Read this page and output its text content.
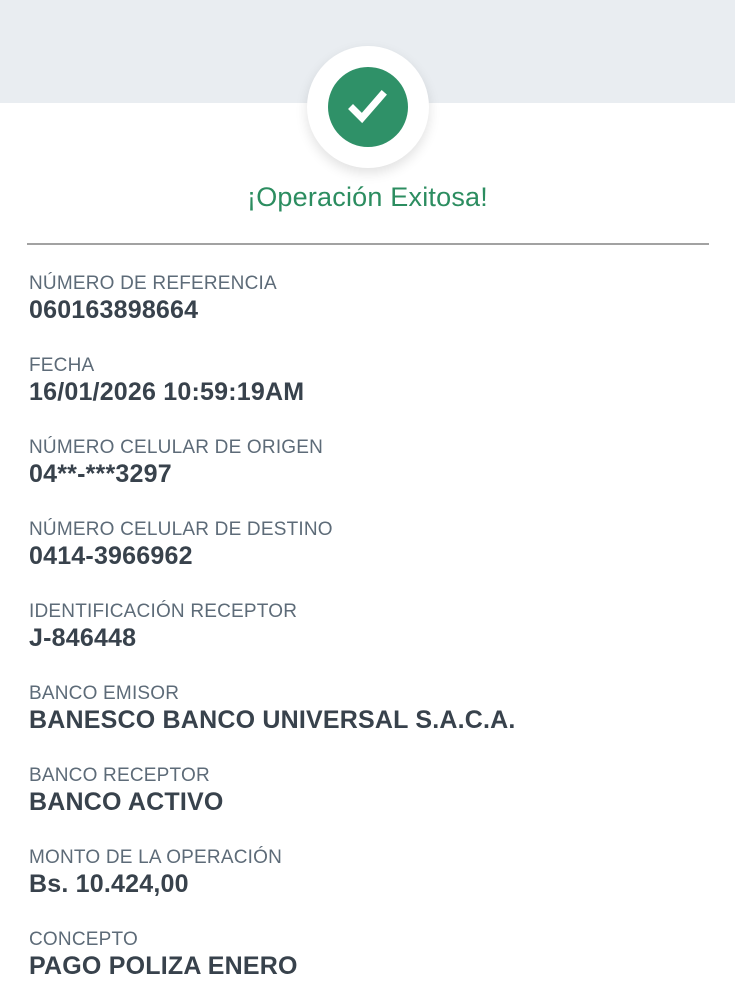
¡Operación Exitosa!
NÚMERO DE REFERENCIA
060163898664
FECHA
16/01/2026 10:59:19AM
NÚMERO CELULAR DE ORIGEN
04**-***3297
NÚMERO CELULAR DE DESTINO
0414-3966962
IDENTIFICACIÓN RECEPTOR
J-846448
BANCO EMISOR
BANESCO BANCO UNIVERSAL S.A.C.A.
BANCO RECEPTOR
BANCO ACTIVO
MONTO DE LA OPERACIÓN
Bs. 10.424,00
CONCEPTO
PAGO POLIZA ENERO
